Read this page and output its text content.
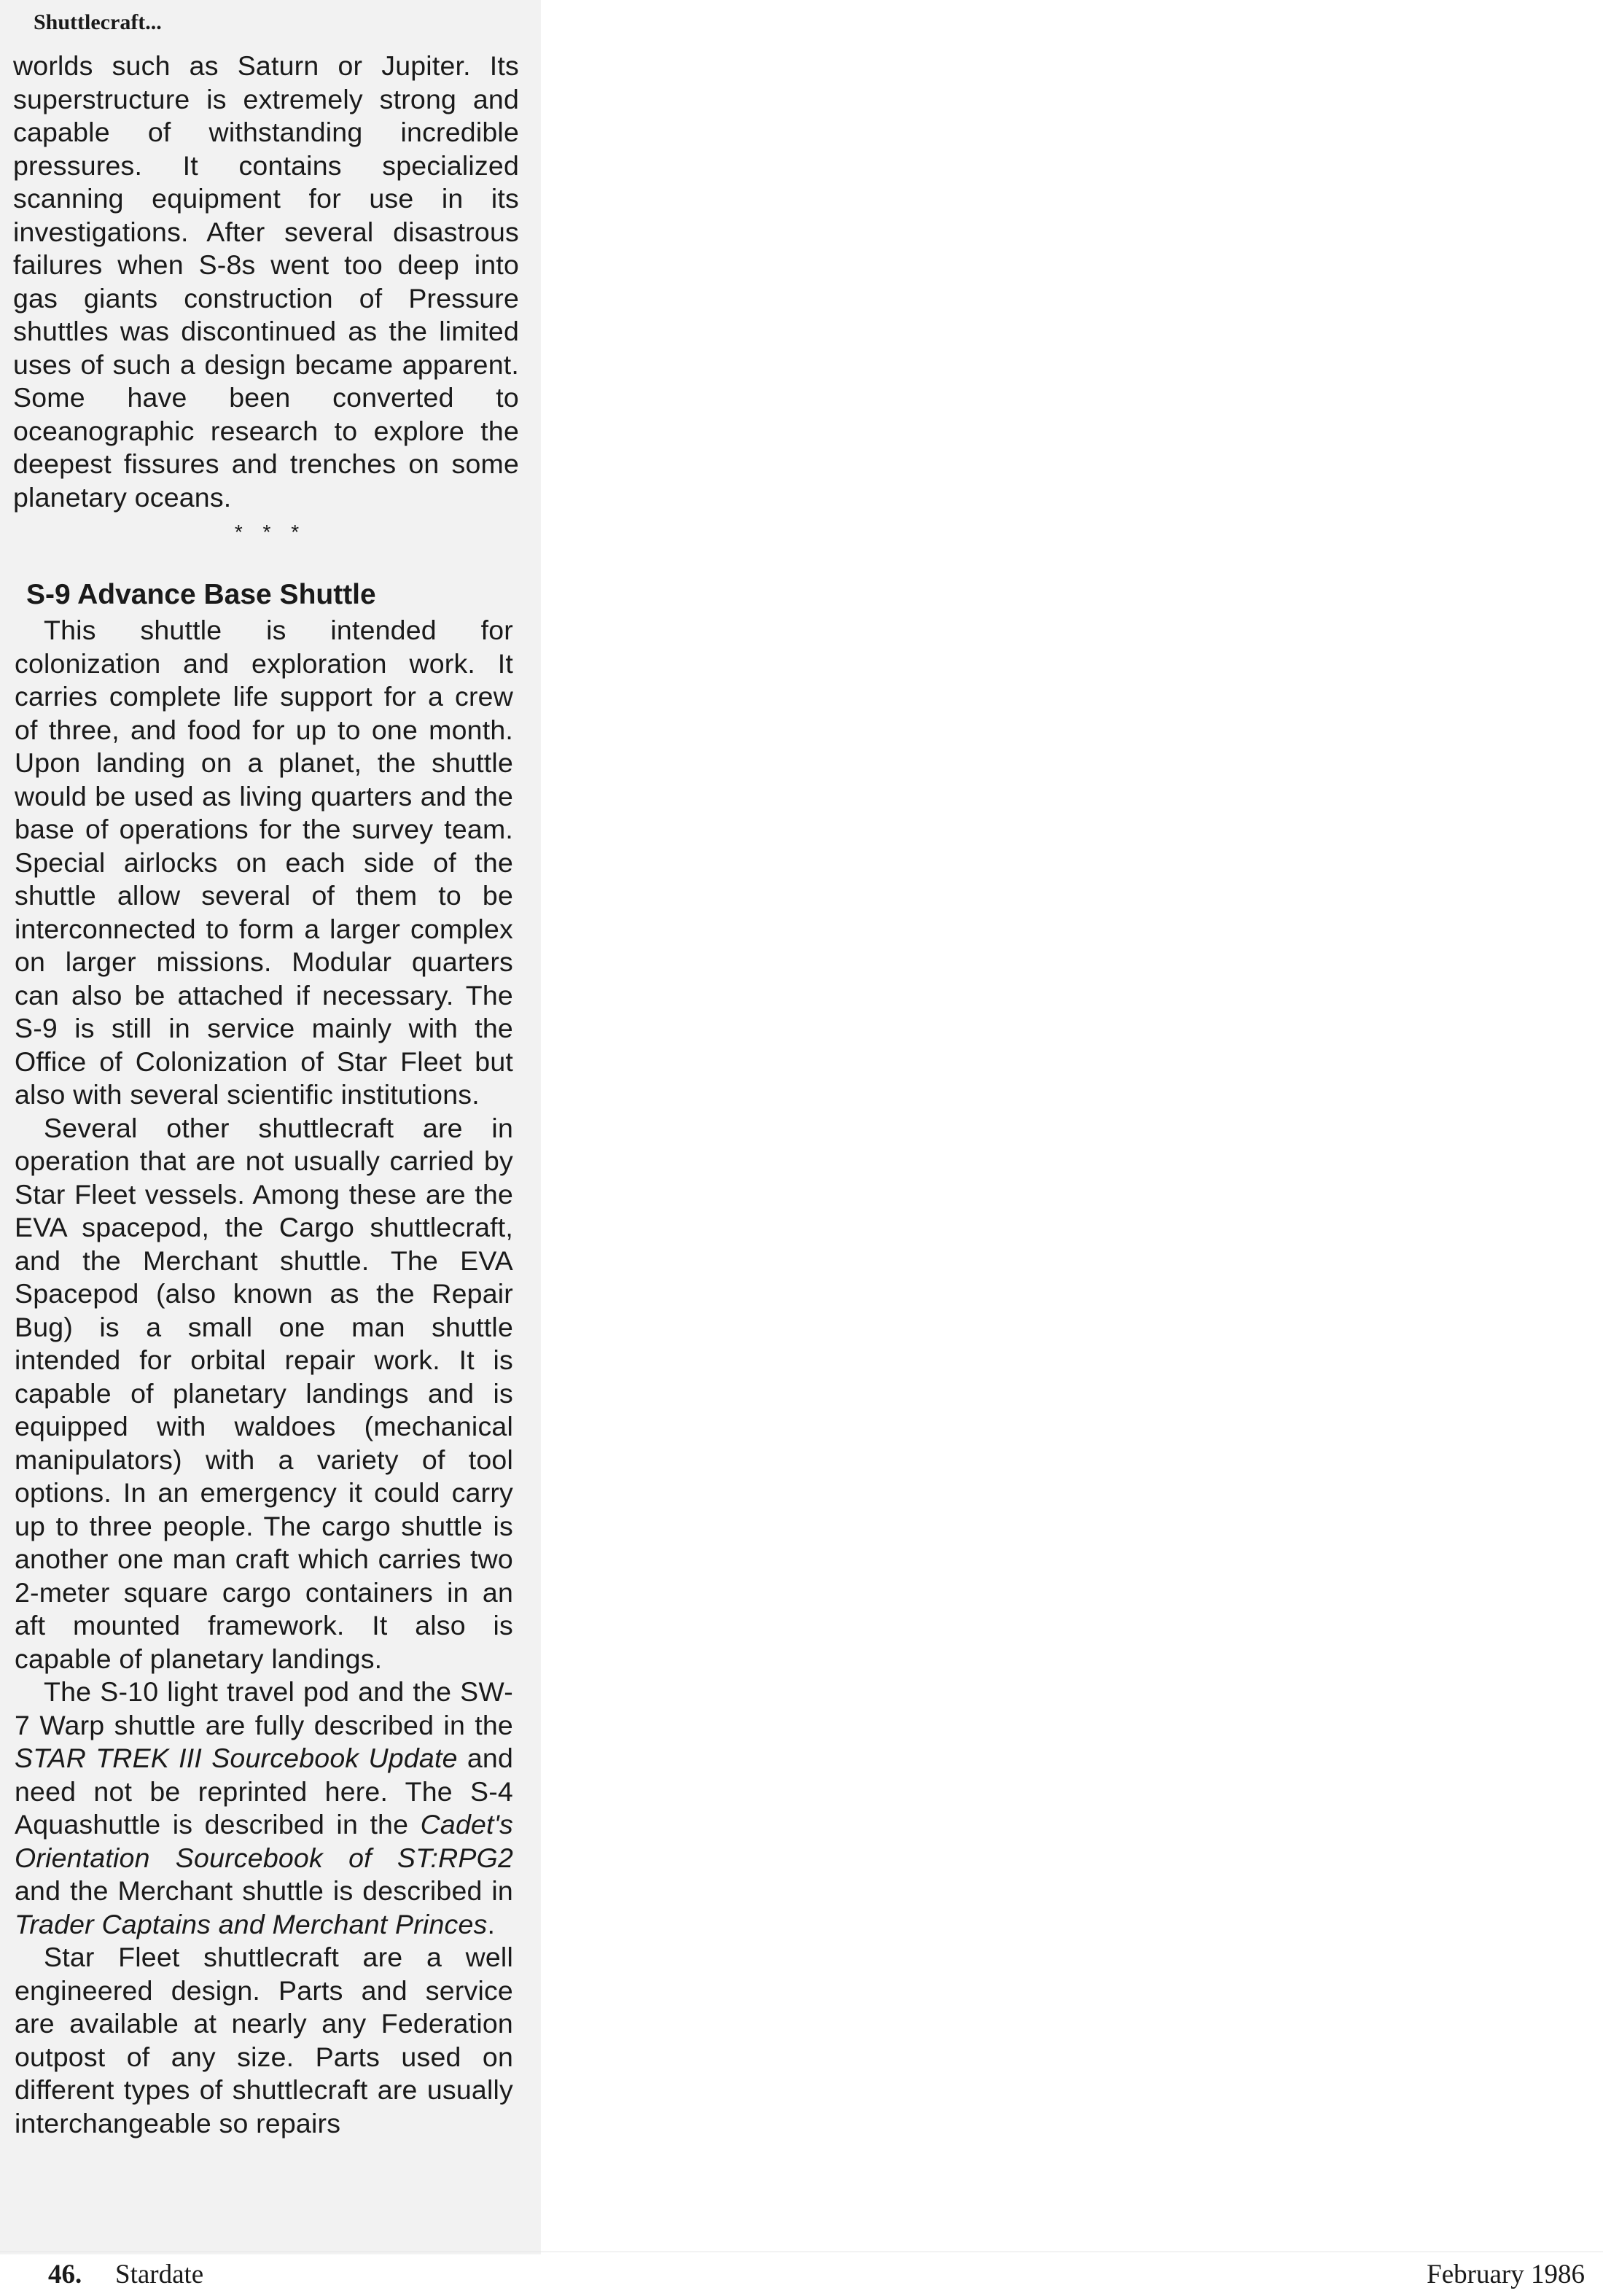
Shuttlecraft...

worlds such as Saturn or Jupiter. Its superstructure is extremely strong and capable of withstanding incredible pressures. It contains specialized scanning equipment for use in its investigations. After several disastrous failures when S-8s went too deep into gas giants construction of Pressure shuttles was discontinued as the limited uses of such a design became apparent. Some have been converted to oceanographic research to explore the deepest fissures and trenches on some planetary oceans.

* * *
S-9 Advance Base Shuttle

This shuttle is intended for colonization and exploration work. It carries complete life support for a crew of three, and food for up to one month. Upon landing on a planet, the shuttle would be used as living quarters and the base of operations for the survey team. Special airlocks on each side of the shuttle allow several of them to be interconnected to form a larger complex on larger missions. Modular quarters can also be attached if necessary. The S-9 is still in service mainly with the Office of Colonization of Star Fleet but also with several scientific institutions.

Several other shuttlecraft are in operation that are not usually carried by Star Fleet vessels. Among these are the EVA spacepod, the Cargo shuttlecraft, and the Merchant shuttle. The EVA Spacepod (also known as the Repair Bug) is a small one man shuttle intended for orbital repair work. It is capable of planetary landings and is equipped with waldoes (mechanical manipulators) with a variety of tool options. In an emergency it could carry up to three people. The cargo shuttle is another one man craft which carries two 2-meter square cargo containers in an aft mounted framework. It also is capable of planetary landings.

The S-10 light travel pod and the SW-7 Warp shuttle are fully described in the STAR TREK III Sourcebook Update and need not be reprinted here. The S-4 Aquashuttle is described in the Cadet's Orientation Sourcebook of ST:RPG2 and the Merchant shuttle is described in Trader Captains and Merchant Princes.

Star Fleet shuttlecraft are a well engineered design. Parts and service are available at nearly any Federation outpost of any size. Parts used on different types of shuttlecraft are usually interchangeable so repairs

46. Stardate	February 1986
